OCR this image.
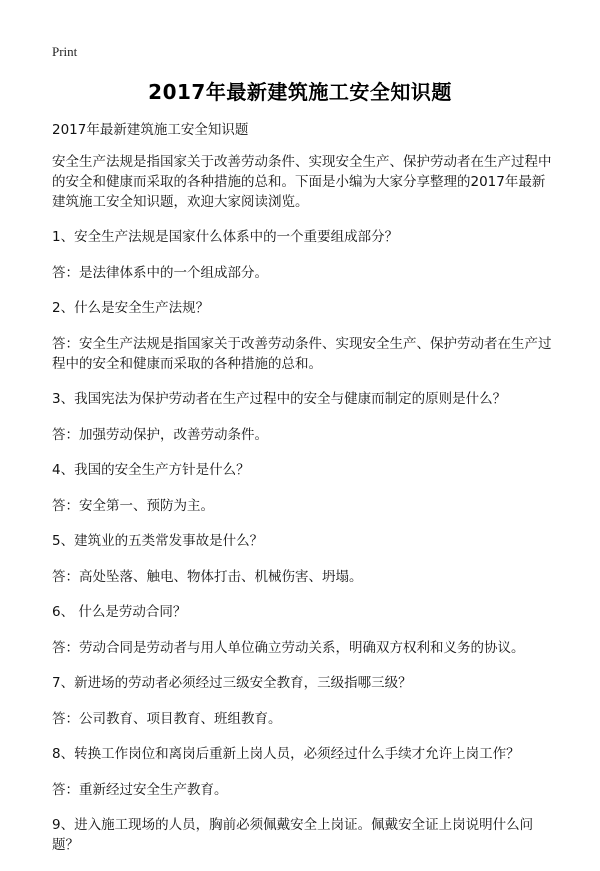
Print
2017年最新建筑施工安全知识题
2017年最新建筑施工安全知识题
安全生产法规是指国家关于改善劳动条件、实现安全生产、保护劳动者在生产过程中的安全和健康而采取的各种措施的总和。下面是小编为大家分享整理的2017年最新建筑施工安全知识题，欢迎大家阅读浏览。
1、安全生产法规是国家什么体系中的一个重要组成部分？
答：是法律体系中的一个组成部分。
2、什么是安全生产法规？
答：安全生产法规是指国家关于改善劳动条件、实现安全生产、保护劳动者在生产过程中的安全和健康而采取的各种措施的总和。
3、我国宪法为保护劳动者在生产过程中的安全与健康而制定的原则是什么？
答：加强劳动保护，改善劳动条件。
4、我国的安全生产方针是什么？
答：安全第一、预防为主。
5、建筑业的五类常发事故是什么？
答：高处坠落、触电、物体打击、机械伤害、坍塌。
6、 什么是劳动合同？
答：劳动合同是劳动者与用人单位确立劳动关系，明确双方权利和义务的协议。
7、新进场的劳动者必须经过三级安全教育，三级指哪三级？
答：公司教育、项目教育、班组教育。
8、转换工作岗位和离岗后重新上岗人员，必须经过什么手续才允许上岗工作？
答：重新经过安全生产教育。
9、进入施工现场的人员，胸前必须佩戴安全上岗证。佩戴安全证上岗说明什么问题？
